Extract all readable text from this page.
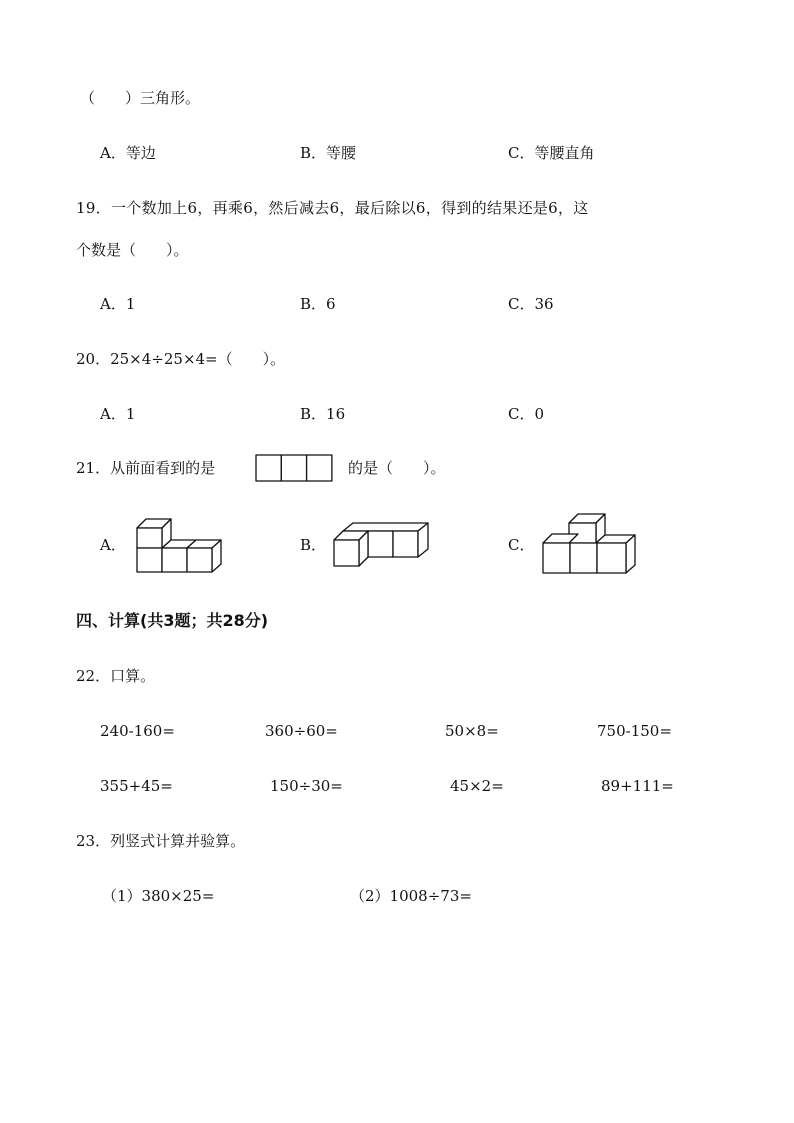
（　　）三角形。
A．等边	B．等腰	C．等腰直角
19．一个数加上6，再乘6，然后减去6，最后除以6，得到的结果还是6，这
个数是（　　）。
A．1	B．6	C．36
20．25×4÷25×4=（　　）。
A．1	B．16	C．0
21．从前面看到的是	的是（　　）。
A．	B．	C．
四、计算(共3题；共28分)
22．口算。
240-160=	360÷60=	50×8=	750-150=
355+45=	150÷30=	45×2=	89+111=
23．列竖式计算并验算。
（1）380×25=	（2）1008÷73=
